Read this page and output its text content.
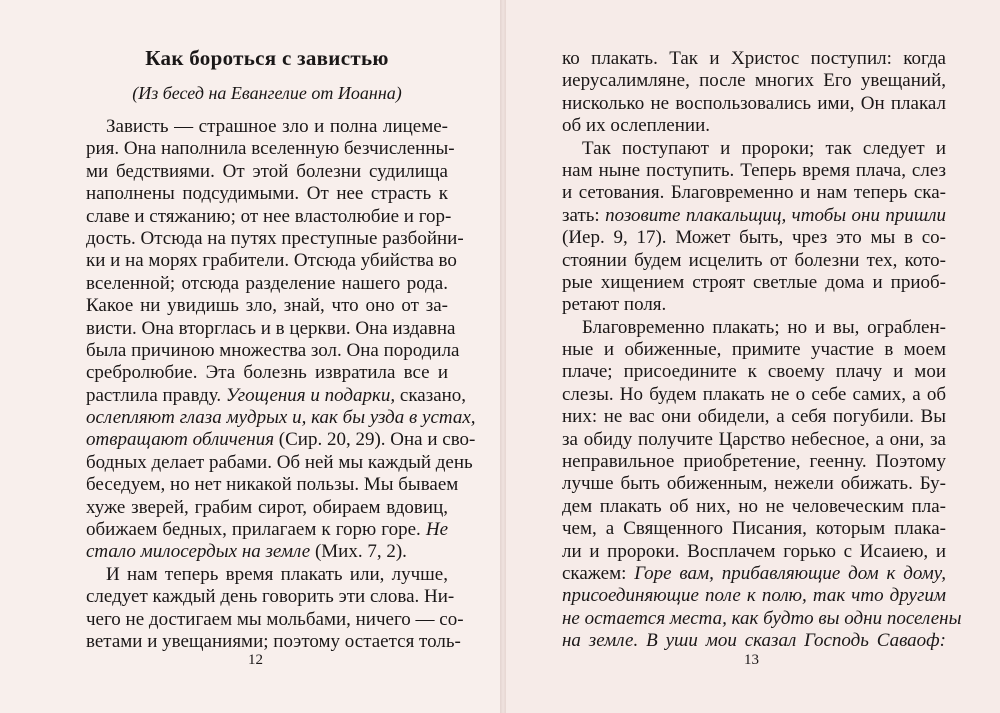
Как бороться с завистью
(Из бесед на Евангелие от Иоанна)
Зависть — страшное зло и полна лицеме-
рия. Она наполнила вселенную безчисленны-
ми бедствиями. От этой болезни судилища
наполнены подсудимыми. От нее страсть к
славе и стяжанию; от нее властолюбие и гор-
дость. Отсюда на путях преступные разбойни-
ки и на морях грабители. Отсюда убийства во
вселенной; отсюда разделение нашего рода.
Какое ни увидишь зло, знай, что оно от за-
висти. Она вторглась и в церкви. Она издавна
была причиною множества зол. Она породила
сребролюбие. Эта болезнь извратила все и
растлила правду. Угощения и подарки, сказано,
ослепляют глаза мудрых и, как бы узда в устах,
отвращают обличения (Сир. 20, 29). Она и сво-
бодных делает рабами. Об ней мы каждый день
беседуем, но нет никакой пользы. Мы бываем
хуже зверей, грабим сирот, обираем вдовиц,
обижаем бедных, прилагаем к горю горе. Не
стало милосердых на земле (Мих. 7, 2).
И нам теперь время плакать или, лучше,
следует каждый день говорить эти слова. Ни-
чего не достигаем мы мольбами, ничего — со-
ветами и увещаниями; поэтому остается толь-
12
ко плакать. Так и Христос поступил: когда
иерусалимляне, после многих Его увещаний,
нисколько не воспользовались ими, Он плакал
об их ослеплении.
Так поступают и пророки; так следует и
нам ныне поступить. Теперь время плача, слез
и сетования. Благовременно и нам теперь ска-
зать: позовите плакальщиц, чтобы они пришли
(Иер. 9, 17). Может быть, чрез это мы в со-
стоянии будем исцелить от болезни тех, кото-
рые хищением строят светлые дома и приоб-
ретают поля.
Благовременно плакать; но и вы, ограблен-
ные и обиженные, примите участие в моем
плаче; присоедините к своему плачу и мои
слезы. Но будем плакать не о себе самих, а об
них: не вас они обидели, а себя погубили. Вы
за обиду получите Царство небесное, а они, за
неправильное приобретение, геенну. Поэтому
лучше быть обиженным, нежели обижать. Бу-
дем плакать об них, но не человеческим пла-
чем, а Священного Писания, которым плака-
ли и пророки. Восплачем горько с Исаиею, и
скажем: Горе вам, прибавляющие дом к дому,
присоединяющие поле к полю, так что другим
не остается места, как будто вы одни поселены
на земле. В уши мои сказал Господь Саваоф:
13
